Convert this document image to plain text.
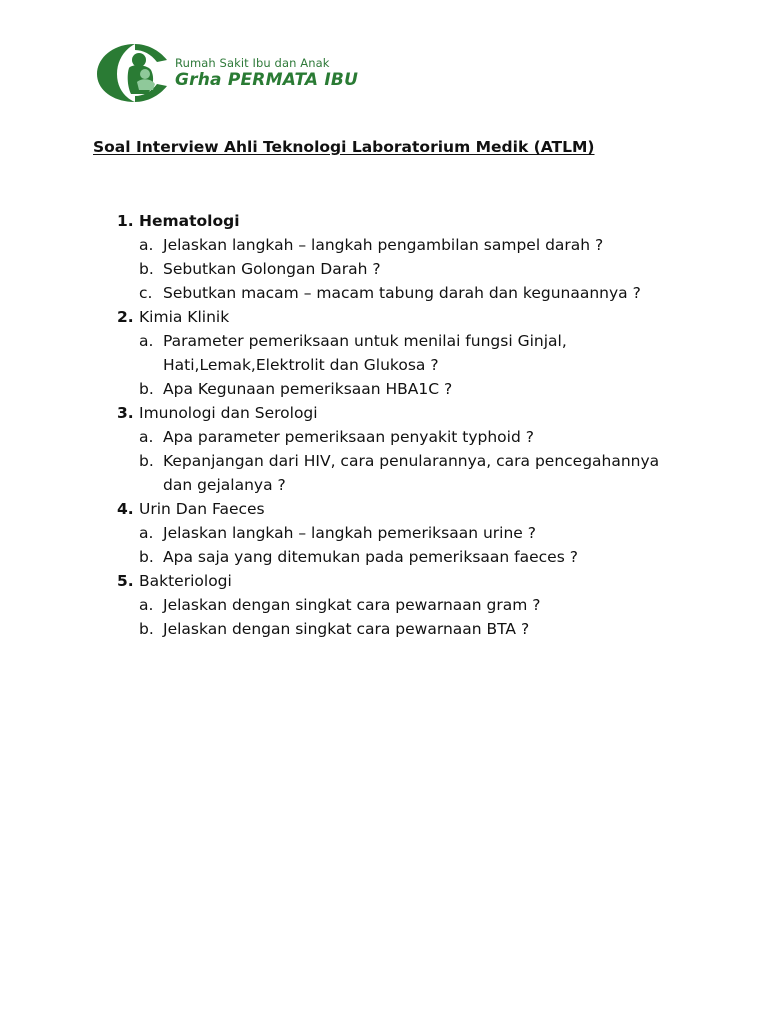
Rumah Sakit Ibu dan Anak
Grha PERMATA IBU
Soal Interview Ahli Teknologi Laboratorium Medik (ATLM)
1. Hematologi
a. Jelaskan langkah – langkah pengambilan sampel darah ?
b. Sebutkan Golongan Darah ?
c. Sebutkan macam – macam tabung darah dan kegunaannya ?
2. Kimia Klinik
a. Parameter pemeriksaan untuk menilai fungsi Ginjal,
Hati,Lemak,Elektrolit dan Glukosa ?
b. Apa Kegunaan pemeriksaan HBA1C ?
3. Imunologi dan Serologi
a. Apa parameter pemeriksaan penyakit typhoid ?
b. Kepanjangan dari HIV, cara penularannya, cara pencegahannya
dan gejalanya ?
4. Urin Dan Faeces
a. Jelaskan langkah – langkah pemeriksaan urine ?
b. Apa saja yang ditemukan pada pemeriksaan faeces ?
5. Bakteriologi
a. Jelaskan dengan singkat cara pewarnaan gram ?
b. Jelaskan dengan singkat cara pewarnaan BTA ?
